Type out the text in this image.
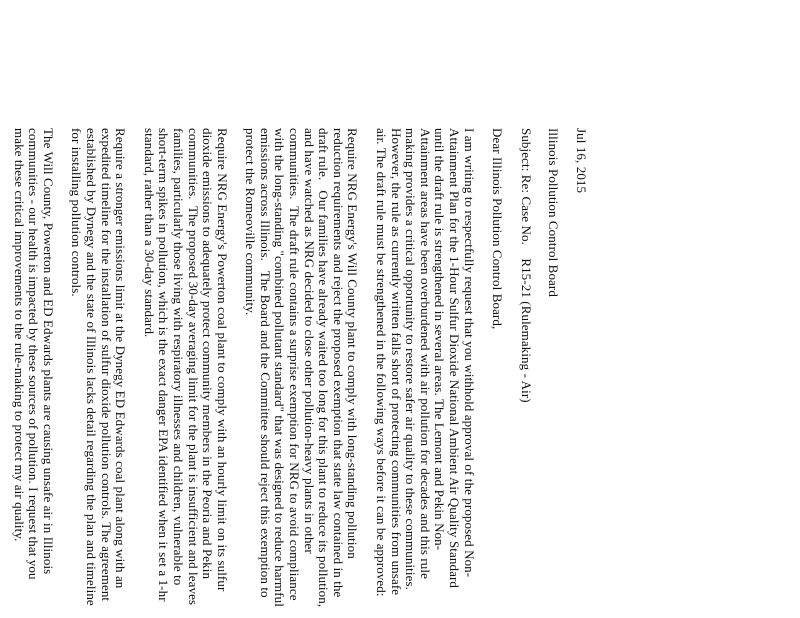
Jul 16, 2015

Illinois Pollution Control Board

Subject: Re: Case No.    R15-21 (Rulemaking - Air)

Dear Illinois Pollution Control Board,

I am writing to respectfully request that you withhold approval of the proposed Non- Attainment Plan for the 1-Hour Sulfur Dioxide National Ambient Air Quality Standard until the draft rule is strengthened in several areas. The Lemont and Pekin Non-Attainment areas have been overburdened with air pollution for decades and this rule making provides a critical opportunity to restore safer air quality to these communities. However, the rule as currently written falls short of protecting communities from unsafe air. The draft rule must be strengthened in the following ways before it can be approved:

Require NRG Energy's Will County plant to comply with long-standing pollution reduction requirements and reject the proposed exemption that state law contained in the draft rule.   Our families have already waited too long for this plant to reduce its pollution, and have watched as NRG decided to close other pollution-heavy plants in other communities.  The draft rule contains a surprise exemption for NRG to avoid compliance with the long-standing "combined pollutant standard" that was designed to reduce harmful emissions across Illinois.   The Board and the Committee should reject this exemption to protect the Romeoville community.

Require NRG Energy's Powerton coal plant to comply with an hourly limit on its sulfur dioxide emissions to adequately protect community members in the Peoria and Pekin communities.  The proposed 30-day averaging limit for the plant is insufficient and leaves families, particularly those living with respiratory illnesses and children, vulnerable to short-term spikes in pollution, which is the exact danger EPA identified when it set a 1-hr standard, rather than a 30-day standard.

Require a stronger emissions limit at the Dynegy ED Edwards coal plant along with an expedited timeline for the installation of sulfur dioxide pollution controls. The agreement established by Dynegy and the state of Illinois lacks detail regarding the plan and timeline for installing pollution controls.

The Will County, Powerton and ED Edwards plants are causing unsafe air in Illinois communities - our health is impacted by these sources of pollution. I request that you make these critical improvements to the rule-making to protect my air quality.
